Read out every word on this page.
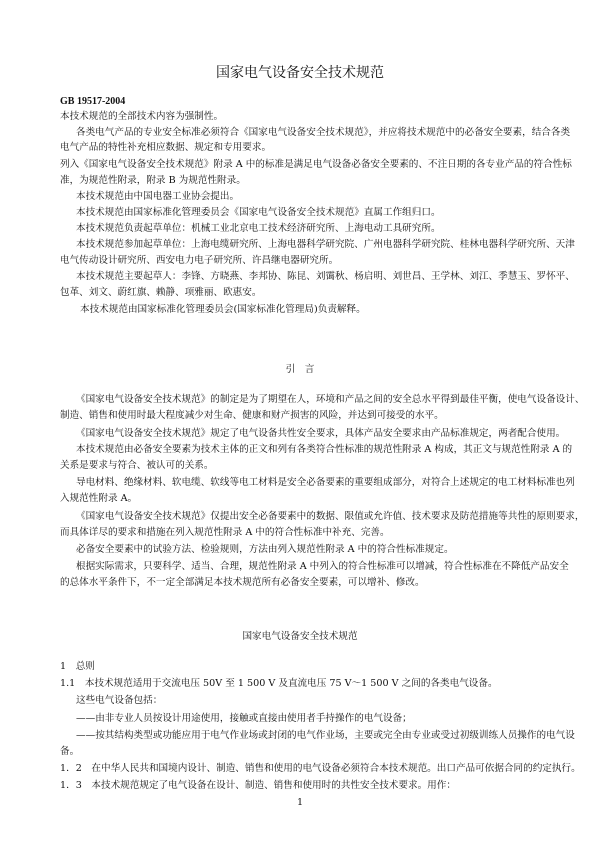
国家电气设备安全技术规范
GB 19517-2004
本技术规范的全部技术内容为强制性。
各类电气产品的专业安全标准必须符合《国家电气设备安全技术规范》，并应将技术规范中的必备安全要素，结合各类
电气产品的特性补充相应数据、规定和专用要求。
列入《国家电气设备安全技术规范》附录 A 中的标准是满足电气设备必备安全要素的、不注日期的各专业产品的符合性标
准，为规范性附录，附录 B 为规范性附录。
本技术规范由中国电器工业协会提出。
本技术规范由国家标准化管理委员会《国家电气设备安全技术规范》直属工作组归口。
本技术规范负责起草单位：机械工业北京电工技术经济研究所、上海电动工具研究所。
本技术规范参加起草单位：上海电缆研究所、上海电器科学研究院、广州电器科学研究院、桂林电器科学研究所、天津
电气传动设计研究所、西安电力电子研究所、许昌继电器研究所。
本技术规范主要起草人：李锋、方晓燕、李邦协、陈昆、刘霭秋、杨启明、刘世昌、王学林、刘江、季慧玉、罗怀平、
包革、刘文、蔚红旗、赖静、项雅丽、欧惠安。
本技术规范由国家标准化管理委员会(国家标准化管理局)负责解释。
引　言
《国家电气设备安全技术规范》的制定是为了期望在人，环境和产品之间的安全总水平得到最佳平衡，使电气设备设计、
制造、销售和使用时最大程度减少对生命、健康和财产损害的风险，并达到可接受的水平。
《国家电气设备安全技术规范》规定了电气设备共性安全要求，具体产品安全要求由产品标准规定，两者配合使用。
本技术规范由必备安全要素为技术主体的正文和列有各类符合性标准的规范性附录 A 构成，其正文与规范性附录 A 的
关系是要求与符合、被认可的关系。
导电材料、绝缘材料、软电缆、软线等电工材料是安全必备要素的重要组成部分，对符合上述规定的电工材料标准也列
入规范性附录 A。
《国家电气设备安全技术规范》仅提出安全必备要素中的数据、限值或允许值、技术要求及防范措施等共性的原则要求，
而具体详尽的要求和措施在列入规范性附录 A 中的符合性标准中补充、完善。
必备安全要素中的试验方法、检验规则，方法由列入规范性附录 A 中的符合性标准规定。
根据实际需求，只要科学、适当、合理，规范性附录 A 中列入的符合性标准可以增减，符合性标准在不降低产品安全
的总体水平条件下，不一定全部满足本技术规范所有必备安全要素，可以增补、修改。
国家电气设备安全技术规范
1　总则
1.1　本技术规范适用于交流电压 50V 至 1 500 V 及直流电压 75 V～1 500 V 之间的各类电气设备。
这些电气设备包括：
——由非专业人员按设计用途使用，接触或直接由使用者手持操作的电气设备；
——按其结构类型或功能应用于电气作业场或封闭的电气作业场，主要或完全由专业或受过初级训练人员操作的电气设
备。
1．2　在中华人民共和国境内设计、制造、销售和使用的电气设备必须符合本技术规范。出口产品可依据合同的约定执行。
1．3　本技术规范规定了电气设备在设计、制造、销售和使用时的共性安全技术要求。用作：
1
